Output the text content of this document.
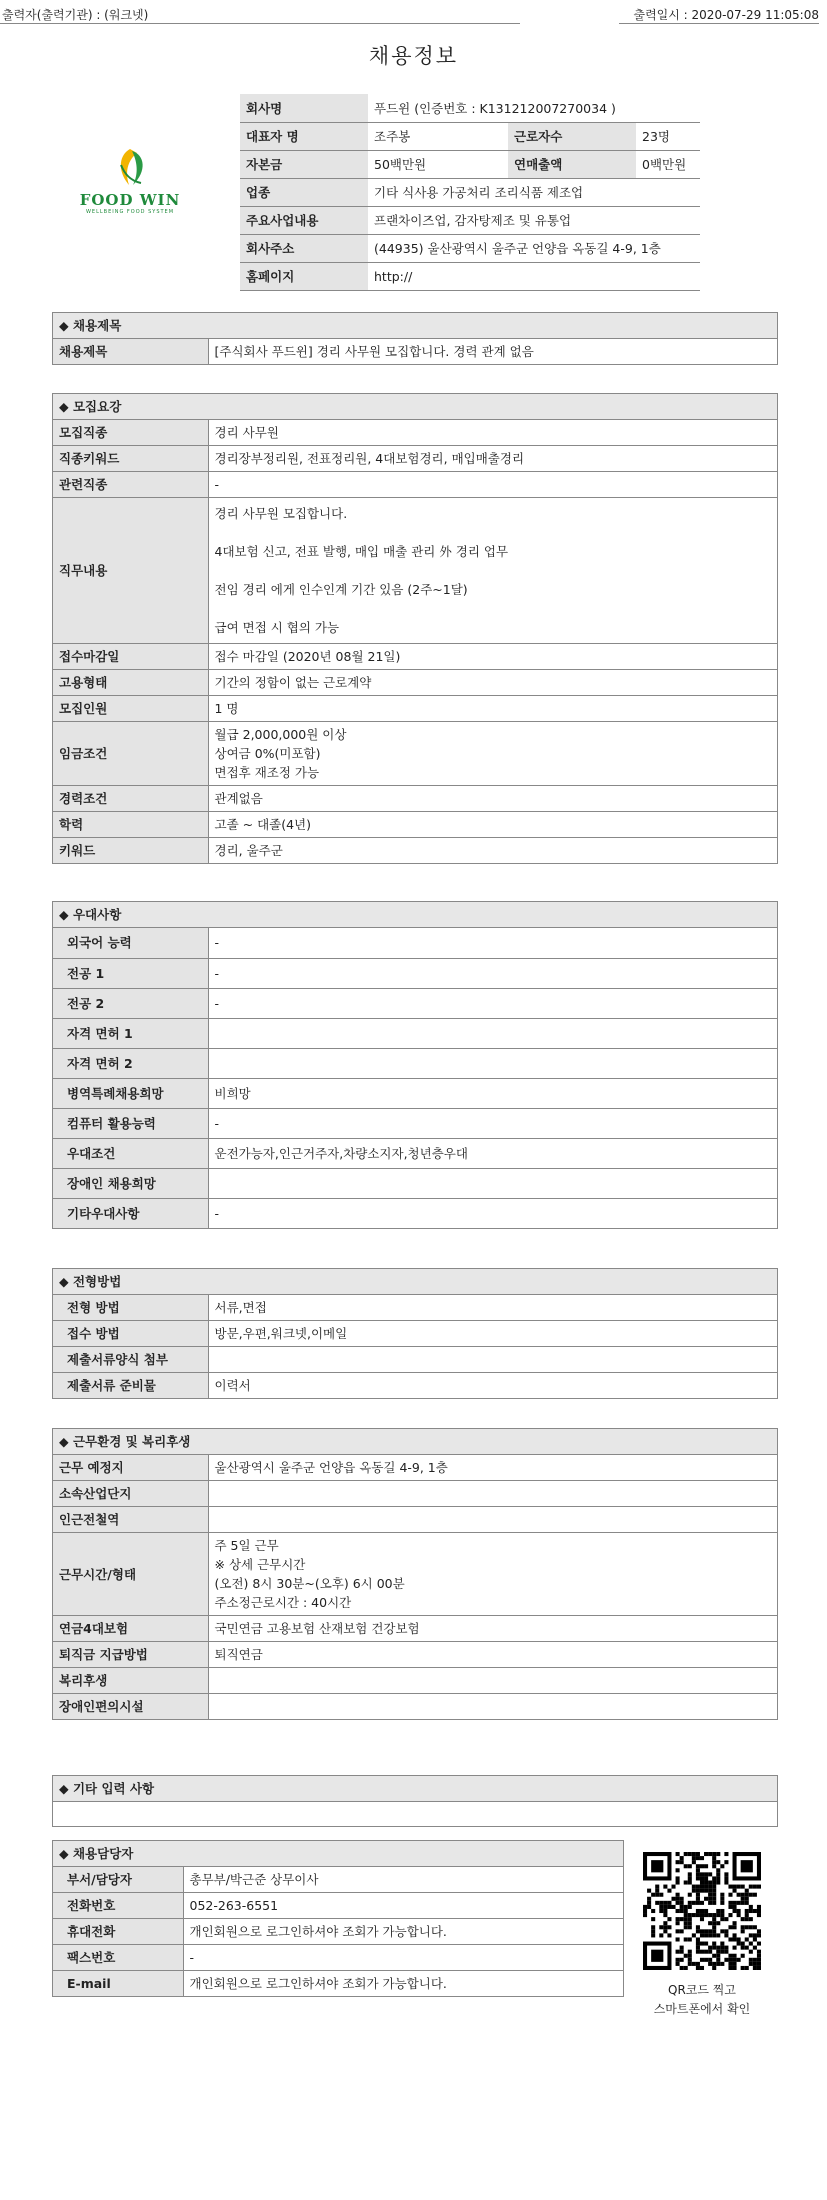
출력자(출력기관) : (워크넷)	출력일시 : 2020-07-29 11:05:08
채용정보
FOOD WIN
WELLBEING FOOD SYSTEM
회사명	푸드윈 (인증번호 : K131212007270034 )		
대표자 명	조주봉	근로자수	23명
자본금	50백만원	연매출액	0백만원
업종	기타 식사용 가공처리 조리식품 제조업		
주요사업내용	프랜차이즈업, 감자탕제조 및 유통업		
회사주소	(44935) 울산광역시 울주군 언양읍 옥동길 4-9, 1층		
홈페이지	http://		
◆ 채용제목
채용제목	[주식회사 푸드윈] 경리 사무원 모집합니다. 경력 관계 없음
◆ 모집요강
모집직종	경리 사무원

직종키워드	경리장부정리원, 전표정리원, 4대보험경리, 매입매출경리

관련직종	-

직무내용	경리 사무원 모집합니다.
4대보험 신고, 전표 발행, 매입 매출 관리 外 경리 업무
전임 경리 에게 인수인계 기간 있음 (2주~1달)
급여 면접 시 협의 가능

접수마감일	접수 마감일 (2020년 08월 21일)

고용형태	기간의 정함이 없는 근로계약

모집인원	1 명

임금조건	월급 2,000,000원 이상
상여금 0%(미포함)
면접후 재조정 가능

경력조건	관계없음

학력	고졸 ~ 대졸(4년)

키워드	경리, 울주군
◆ 우대사항
외국어 능력	-

전공 1	-

전공 2	-

자격 면허 1	

자격 면허 2	

병역특례채용희망	비희망

컴퓨터 활용능력	-

우대조건	운전가능자,인근거주자,차량소지자,청년층우대

장애인 채용희망	

기타우대사항	-
◆ 전형방법
전형 방법	서류,면접

접수 방법	방문,우편,워크넷,이메일

제출서류양식 첨부	

제출서류 준비물	이력서
◆ 근무환경 및 복리후생
근무 예정지	울산광역시 울주군 언양읍 옥동길 4-9, 1층

소속산업단지	

인근전철역	

근무시간/형태	주 5일 근무
※ 상세 근무시간
(오전) 8시 30분~(오후) 6시 00분
주소정근로시간 : 40시간

연금4대보험	국민연금 고용보험 산재보험 건강보험

퇴직금 지급방법	퇴직연금

복리후생	

장애인편의시설	
◆ 기타 입력 사항
◆ 채용담당자
부서/담당자	총무부/박근준 상무이사

전화번호	052-263-6551

휴대전화	개인회원으로 로그인하셔야 조회가 가능합니다.

팩스번호	-

E-mail	개인회원으로 로그인하셔야 조회가 가능합니다.	QR코드 찍고
스마트폰에서 확인
